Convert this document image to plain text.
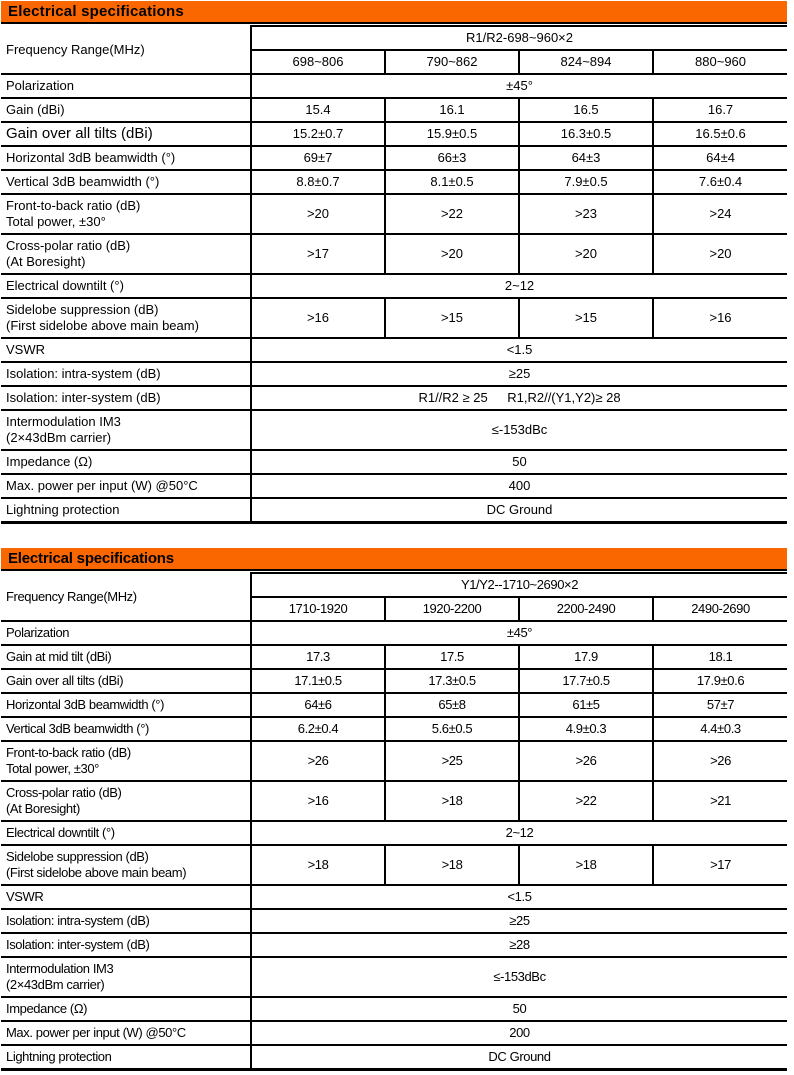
Electrical specifications
Frequency Range(MHz)	R1/R2-698~960×2			
	698~806	790~862	824~894	880~960
Polarization	±45°			
Gain (dBi)	15.4	16.1	16.5	16.7
Gain over all tilts (dBi)	15.2±0.7	15.9±0.5	16.3±0.5	16.5±0.6
Horizontal 3dB beamwidth (°)	69±7	66±3	64±3	64±4
Vertical 3dB beamwidth (°)	8.8±0.7	8.1±0.5	7.9±0.5	7.6±0.4
Front-to-back ratio (dB)
Total power, ±30°	>20	>22	>23	>24
Cross-polar ratio (dB)
(At Boresight)	>17	>20	>20	>20
Electrical downtilt (°)	2~12			
Sidelobe suppression (dB)
(First sidelobe above main beam)	>16	>15	>15	>16
VSWR	<1.5			
Isolation: intra-system (dB)	≥25			
Isolation: inter-system (dB)	R1//R2 ≥ 25  R1,R2//(Y1,Y2)≥ 28			
Intermodulation IM3
(2×43dBm carrier)	≤-153dBc			
Impedance (Ω)	50			
Max. power per input (W) @50°C	400			
Lightning protection	DC Ground			
Electrical specifications
Frequency Range(MHz)	Y1/Y2--1710~2690×2			
	1710-1920	1920-2200	2200-2490	2490-2690
Polarization	±45°			
Gain at mid tilt (dBi)	17.3	17.5	17.9	18.1
Gain over all tilts (dBi)	17.1±0.5	17.3±0.5	17.7±0.5	17.9±0.6
Horizontal 3dB beamwidth (°)	64±6	65±8	61±5	57±7
Vertical 3dB beamwidth (°)	6.2±0.4	5.6±0.5	4.9±0.3	4.4±0.3
Front-to-back ratio (dB)
Total power, ±30°	>26	>25	>26	>26
Cross-polar ratio (dB)
(At Boresight)	>16	>18	>22	>21
Electrical downtilt (°)	2~12			
Sidelobe suppression (dB)
(First sidelobe above main beam)	>18	>18	>18	>17
VSWR	<1.5			
Isolation: intra-system (dB)	≥25			
Isolation: inter-system (dB)	≥28			
Intermodulation IM3
(2×43dBm carrier)	≤-153dBc			
Impedance (Ω)	50			
Max. power per input (W) @50°C	200			
Lightning protection	DC Ground			
